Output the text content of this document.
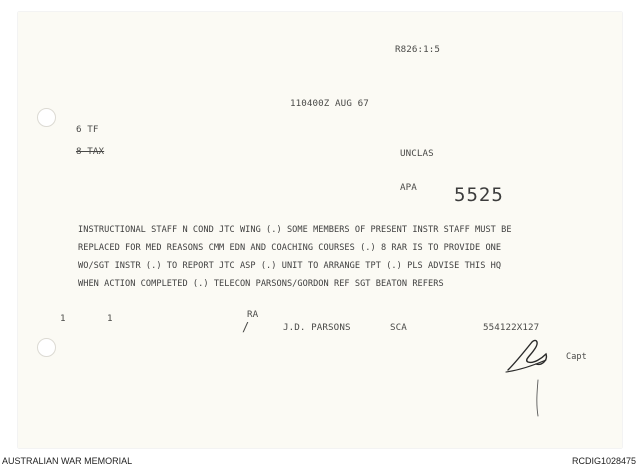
R826:1:5
110400Z AUG 67
6 TF
8 TAX	UNCLAS
APA 5525
INSTRUCTIONAL STAFF N COND JTC WING (.) SOME MEMBERS OF PRESENT INSTR STAFF MUST BE
REPLACED FOR MED REASONS CMM EDN AND COACHING COURSES (.) 8 RAR IS TO PROVIDE ONE
WO/SGT INSTR (.) TO REPORT JTC ASP (.) UNIT TO ARRANGE TPT (.) PLS ADVISE THIS HQ
WHEN ACTION COMPLETED (.) TELECON PARSONS/GORDON REF SGT BEATON REFERS
1	1	RA
/	J.D. PARSONS	SCA	554122X127
Capt
AUSTRALIAN WAR MEMORIAL	RCDIG1028475
